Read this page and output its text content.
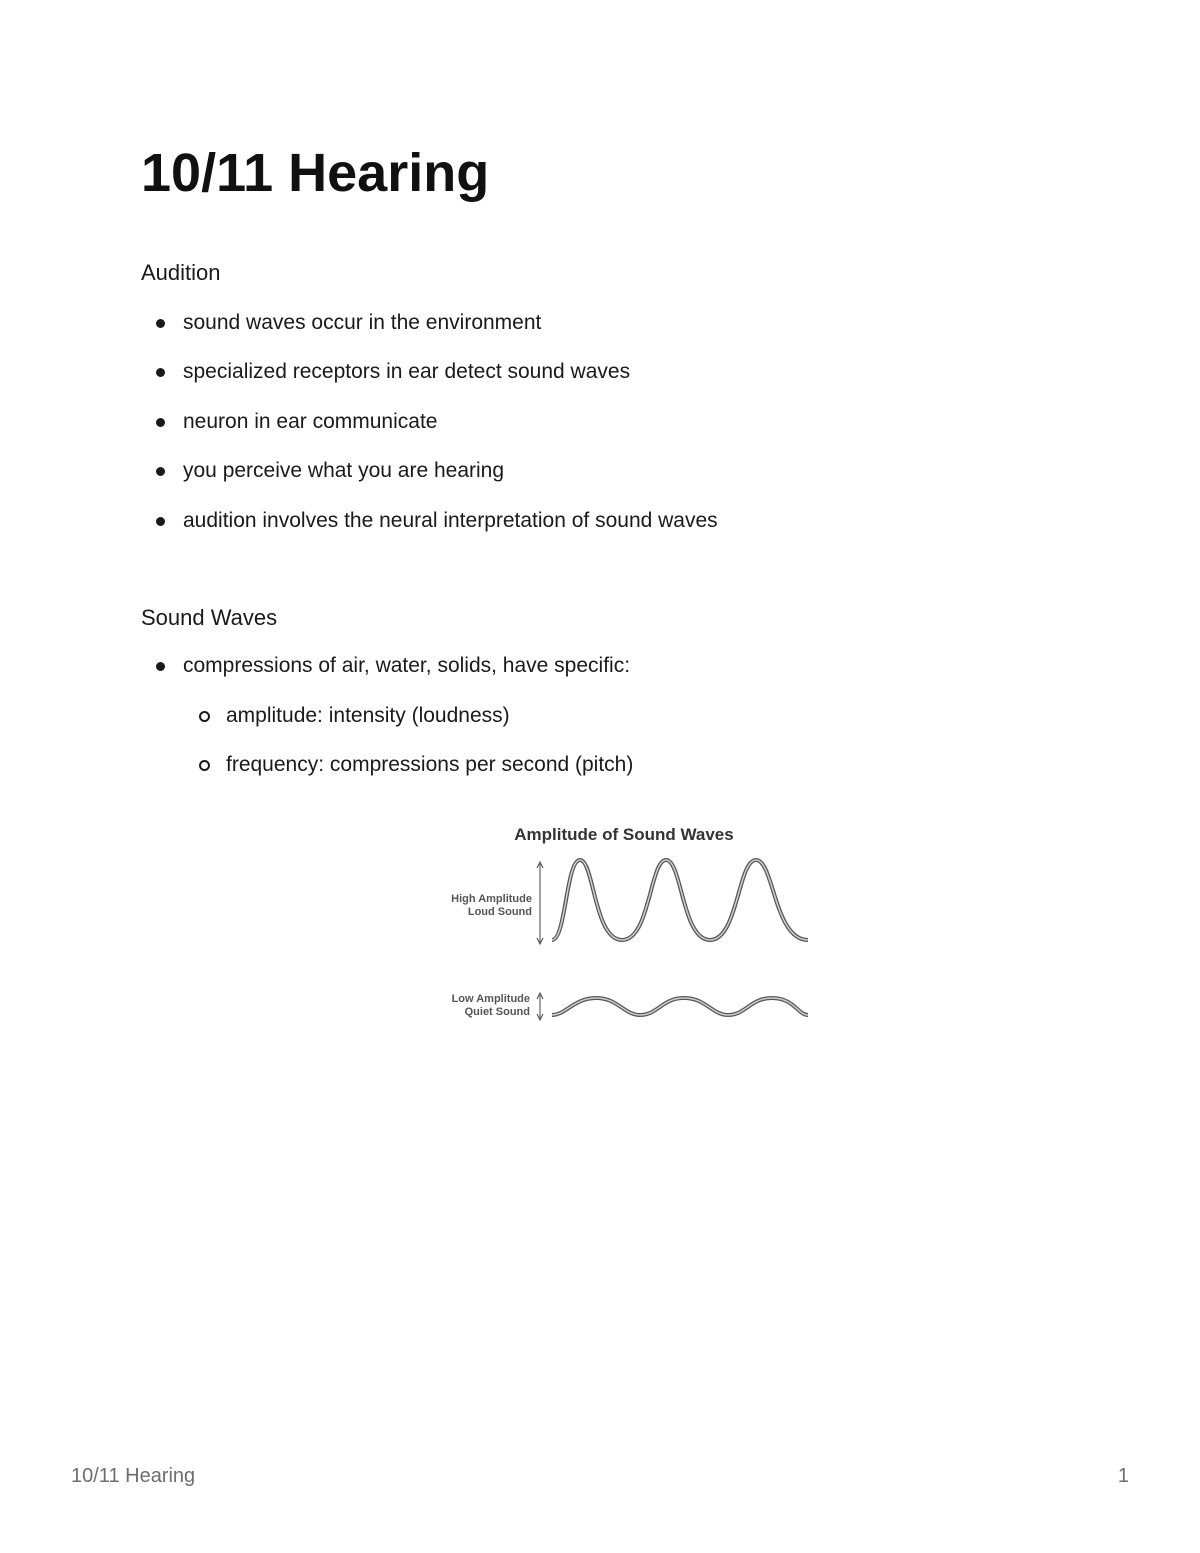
10/11 Hearing
Audition
sound waves occur in the environment
specialized receptors in ear detect sound waves
neuron in ear communicate
you perceive what you are hearing
audition involves the neural interpretation of sound waves
Sound Waves
compressions of air, water, solids, have specific:
amplitude: intensity (loudness)
frequency: compressions per second (pitch)
Amplitude of Sound Waves
High Amplitude
Loud Sound
Low Amplitude
Quiet Sound
10/11 Hearing	1
